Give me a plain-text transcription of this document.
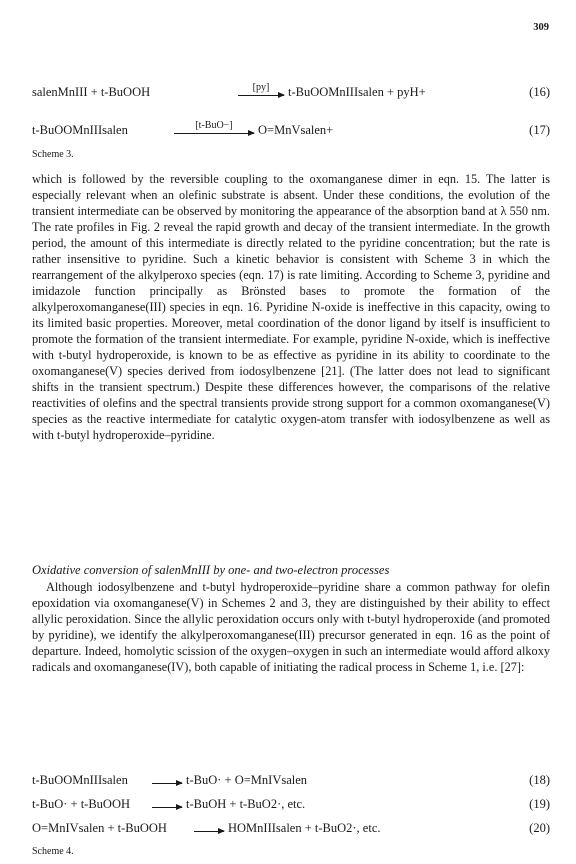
309
salenMnIII + t-BuOOH	[py] → t-BuOOMnIIIsalen + pyH+	(16)
t-BuOOMnIIIsalen	[t-BuO−]	O=MnVsalen+	(17)
Scheme 3.
which is followed by the reversible coupling to the oxomanganese dimer in eqn. 15. The latter is especially relevant when an olefinic substrate is absent. Under these conditions, the evolution of the transient intermediate can be observed by monitoring the appearance of the absorption band at λ 550 nm. The rate profiles in Fig. 2 reveal the rapid growth and decay of the transient intermediate. In the growth period, the amount of this intermediate is directly related to the pyridine concentration; but the rate is rather insensitive to pyridine. Such a kinetic behavior is consistent with Scheme 3 in which the rearrangement of the alkylperoxo species (eqn. 17) is rate limiting. According to Scheme 3, pyridine and imidazole function principally as Brönsted bases to promote the formation of the alkylperoxomanganese(III) species in eqn. 16. Pyridine N-oxide is ineffective in this capacity, owing to its limited basic properties. Moreover, metal coordination of the donor ligand by itself is insufficient to promote the formation of the transient intermediate. For example, pyridine N-oxide, which is ineffective with t-butyl hydroperoxide, is known to be as effective as pyridine in its ability to coordinate to the oxomanganese(V) species derived from iodosylbenzene [21]. (The latter does not lead to significant shifts in the transient spectrum.) Despite these differences however, the comparisons of the relative reactivities of olefins and the spectral transients provide strong support for a common oxomanganese(V) species as the reactive intermediate for catalytic oxygen-atom transfer with iodosylbenzene as well as with t-butyl hydroperoxide–pyridine.
Oxidative conversion of salenMnIII by one- and two-electron processes
Although iodosylbenzene and t-butyl hydroperoxide–pyridine share a common pathway for olefin epoxidation via oxomanganese(V) in Schemes 2 and 3, they are distinguished by their ability to effect allylic peroxidation. Since the allylic peroxidation occurs only with t-butyl hydroperoxide (and promoted by pyridine), we identify the alkylperoxomanganese(III) precursor generated in eqn. 16 as the point of departure. Indeed, homolytic scission of the oxygen–oxygen in such an intermediate would afford alkoxy radicals and oxomanganese(IV), both capable of initiating the radical process in Scheme 1, i.e. [27]:
t-BuOOMnIIIsalen → t-BuO· + O=MnIVsalen	(18)
t-BuO· + t-BuOOH → t-BuOH + t-BuO2·, etc.	(19)
O=MnIVsalen + t-BuOOH → HOMnIIIsalen + t-BuO2·, etc.	(20)
Scheme 4.
